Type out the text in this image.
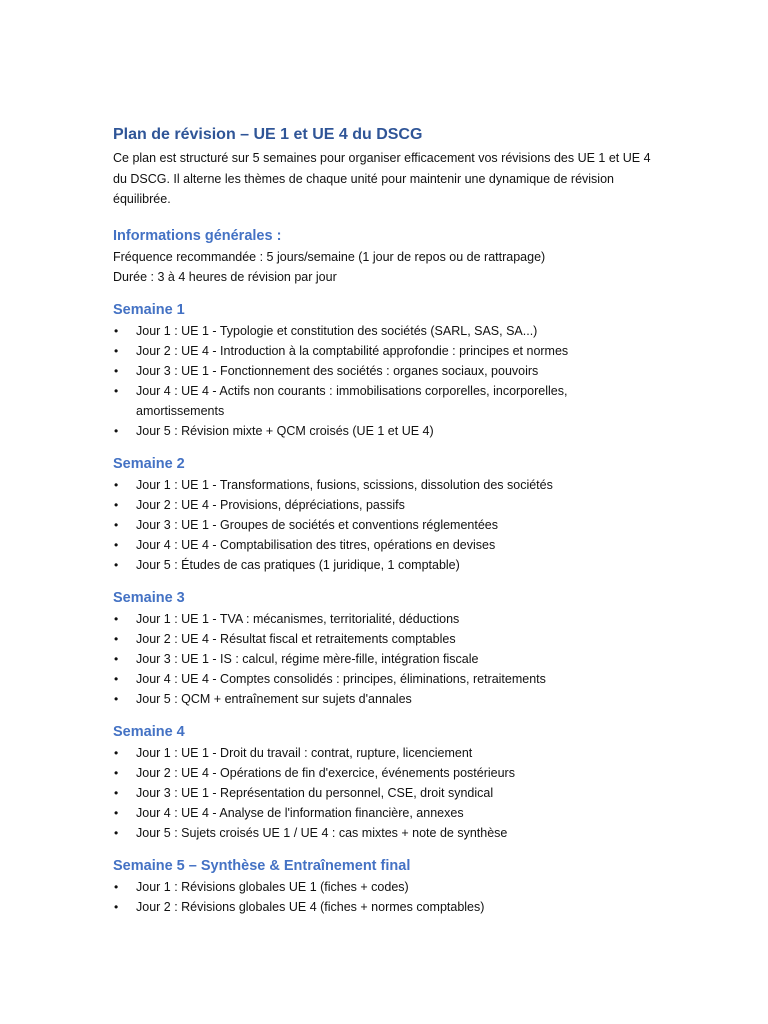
Plan de révision – UE 1 et UE 4 du DSCG

Ce plan est structuré sur 5 semaines pour organiser efficacement vos révisions des UE 1 et UE 4 du DSCG. Il alterne les thèmes de chaque unité pour maintenir une dynamique de révision équilibrée.

Informations générales :

Fréquence recommandée : 5 jours/semaine (1 jour de repos ou de rattrapage)

Durée : 3 à 4 heures de révision par jour

Semaine 1
• Jour 1 : UE 1 - Typologie et constitution des sociétés (SARL, SAS, SA...)
• Jour 2 : UE 4 - Introduction à la comptabilité approfondie : principes et normes
• Jour 3 : UE 1 - Fonctionnement des sociétés : organes sociaux, pouvoirs
• Jour 4 : UE 4 - Actifs non courants : immobilisations corporelles, incorporelles, amortissements
• Jour 5 : Révision mixte + QCM croisés (UE 1 et UE 4)
Semaine 2
• Jour 1 : UE 1 - Transformations, fusions, scissions, dissolution des sociétés
• Jour 2 : UE 4 - Provisions, dépréciations, passifs
• Jour 3 : UE 1 - Groupes de sociétés et conventions réglementées
• Jour 4 : UE 4 - Comptabilisation des titres, opérations en devises
• Jour 5 : Études de cas pratiques (1 juridique, 1 comptable)
Semaine 3
• Jour 1 : UE 1 - TVA : mécanismes, territorialité, déductions
• Jour 2 : UE 4 - Résultat fiscal et retraitements comptables
• Jour 3 : UE 1 - IS : calcul, régime mère-fille, intégration fiscale
• Jour 4 : UE 4 - Comptes consolidés : principes, éliminations, retraitements
• Jour 5 : QCM + entraînement sur sujets d'annales
Semaine 4
• Jour 1 : UE 1 - Droit du travail : contrat, rupture, licenciement
• Jour 2 : UE 4 - Opérations de fin d'exercice, événements postérieurs
• Jour 3 : UE 1 - Représentation du personnel, CSE, droit syndical
• Jour 4 : UE 4 - Analyse de l'information financière, annexes
• Jour 5 : Sujets croisés UE 1 / UE 4 : cas mixtes + note de synthèse
Semaine 5 – Synthèse & Entraînement final
• Jour 1 : Révisions globales UE 1 (fiches + codes)
• Jour 2 : Révisions globales UE 4 (fiches + normes comptables)
